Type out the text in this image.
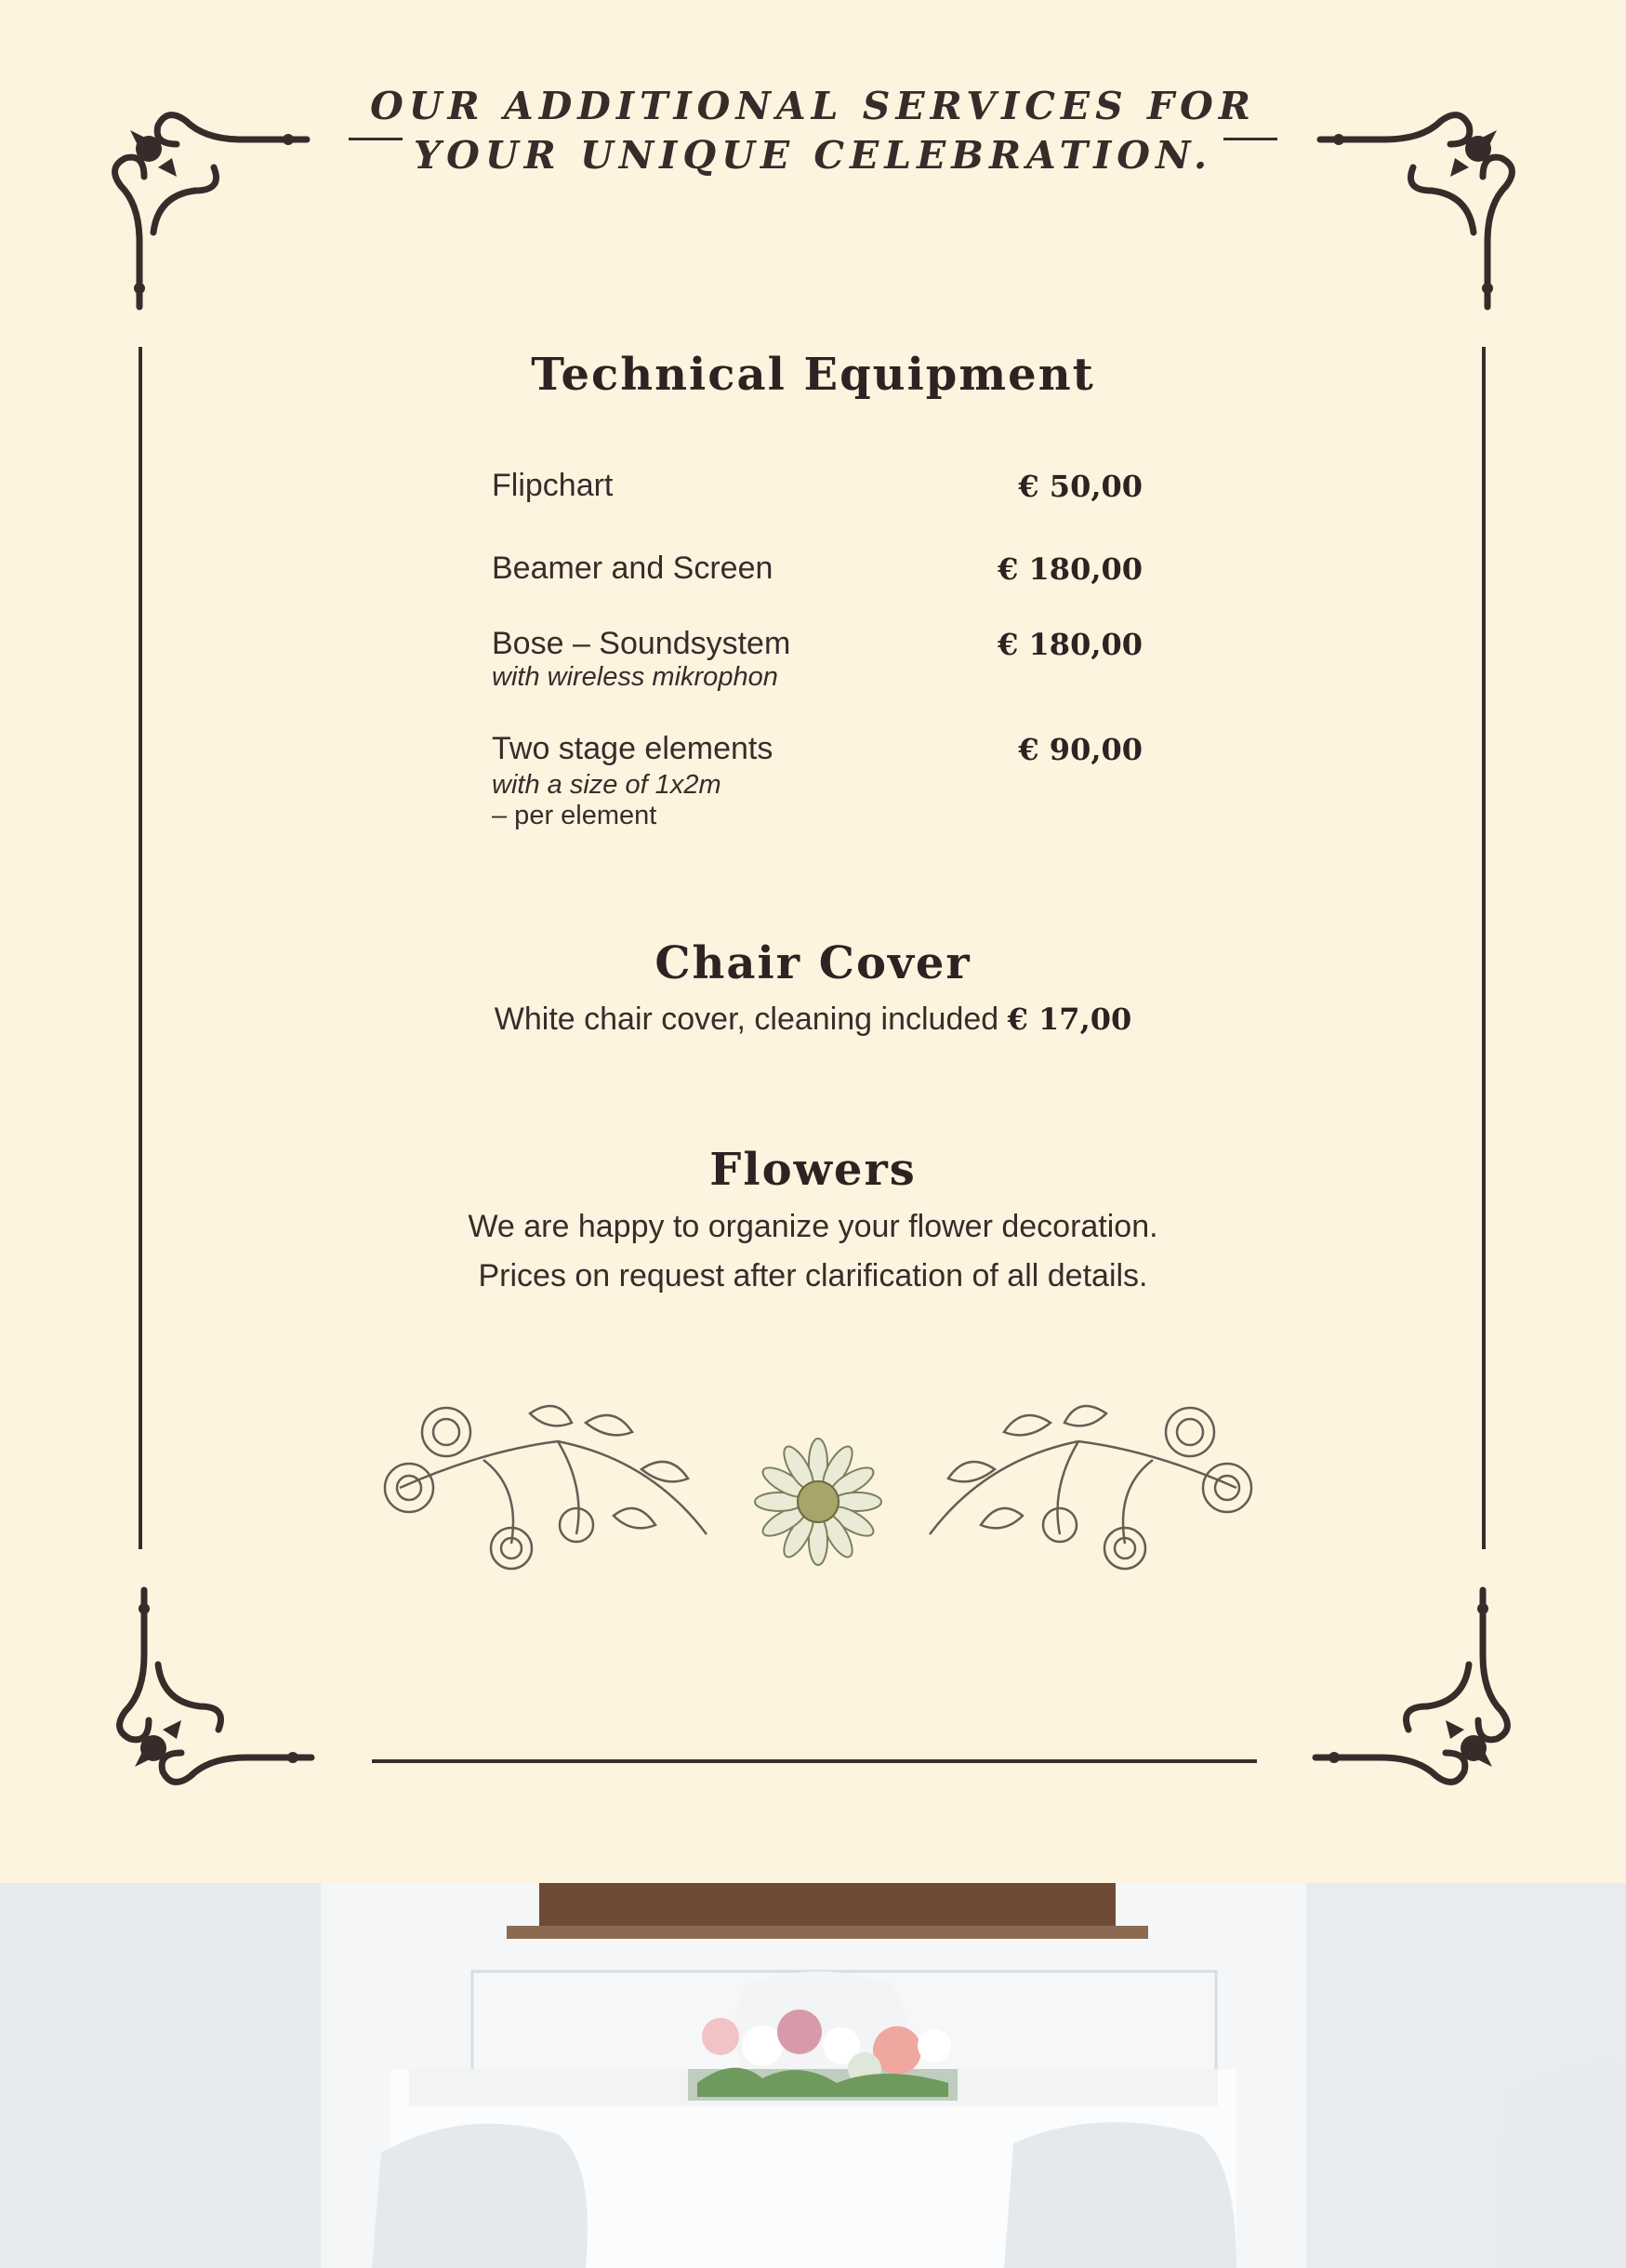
OUR ADDITIONAL SERVICES FOR
YOUR UNIQUE CELEBRATION.
Technical Equipment
Flipchart	€ 50,00
Beamer and Screen	€ 180,00
Bose – Soundsystem
with wireless mikrophon
€ 180,00
Two stage elements
with a size of 1x2m
– per element
€ 90,00
Chair Cover
White chair cover, cleaning included € 17,00
Flowers
We are happy to organize your flower decoration.
Prices on request after clarification of all details.
